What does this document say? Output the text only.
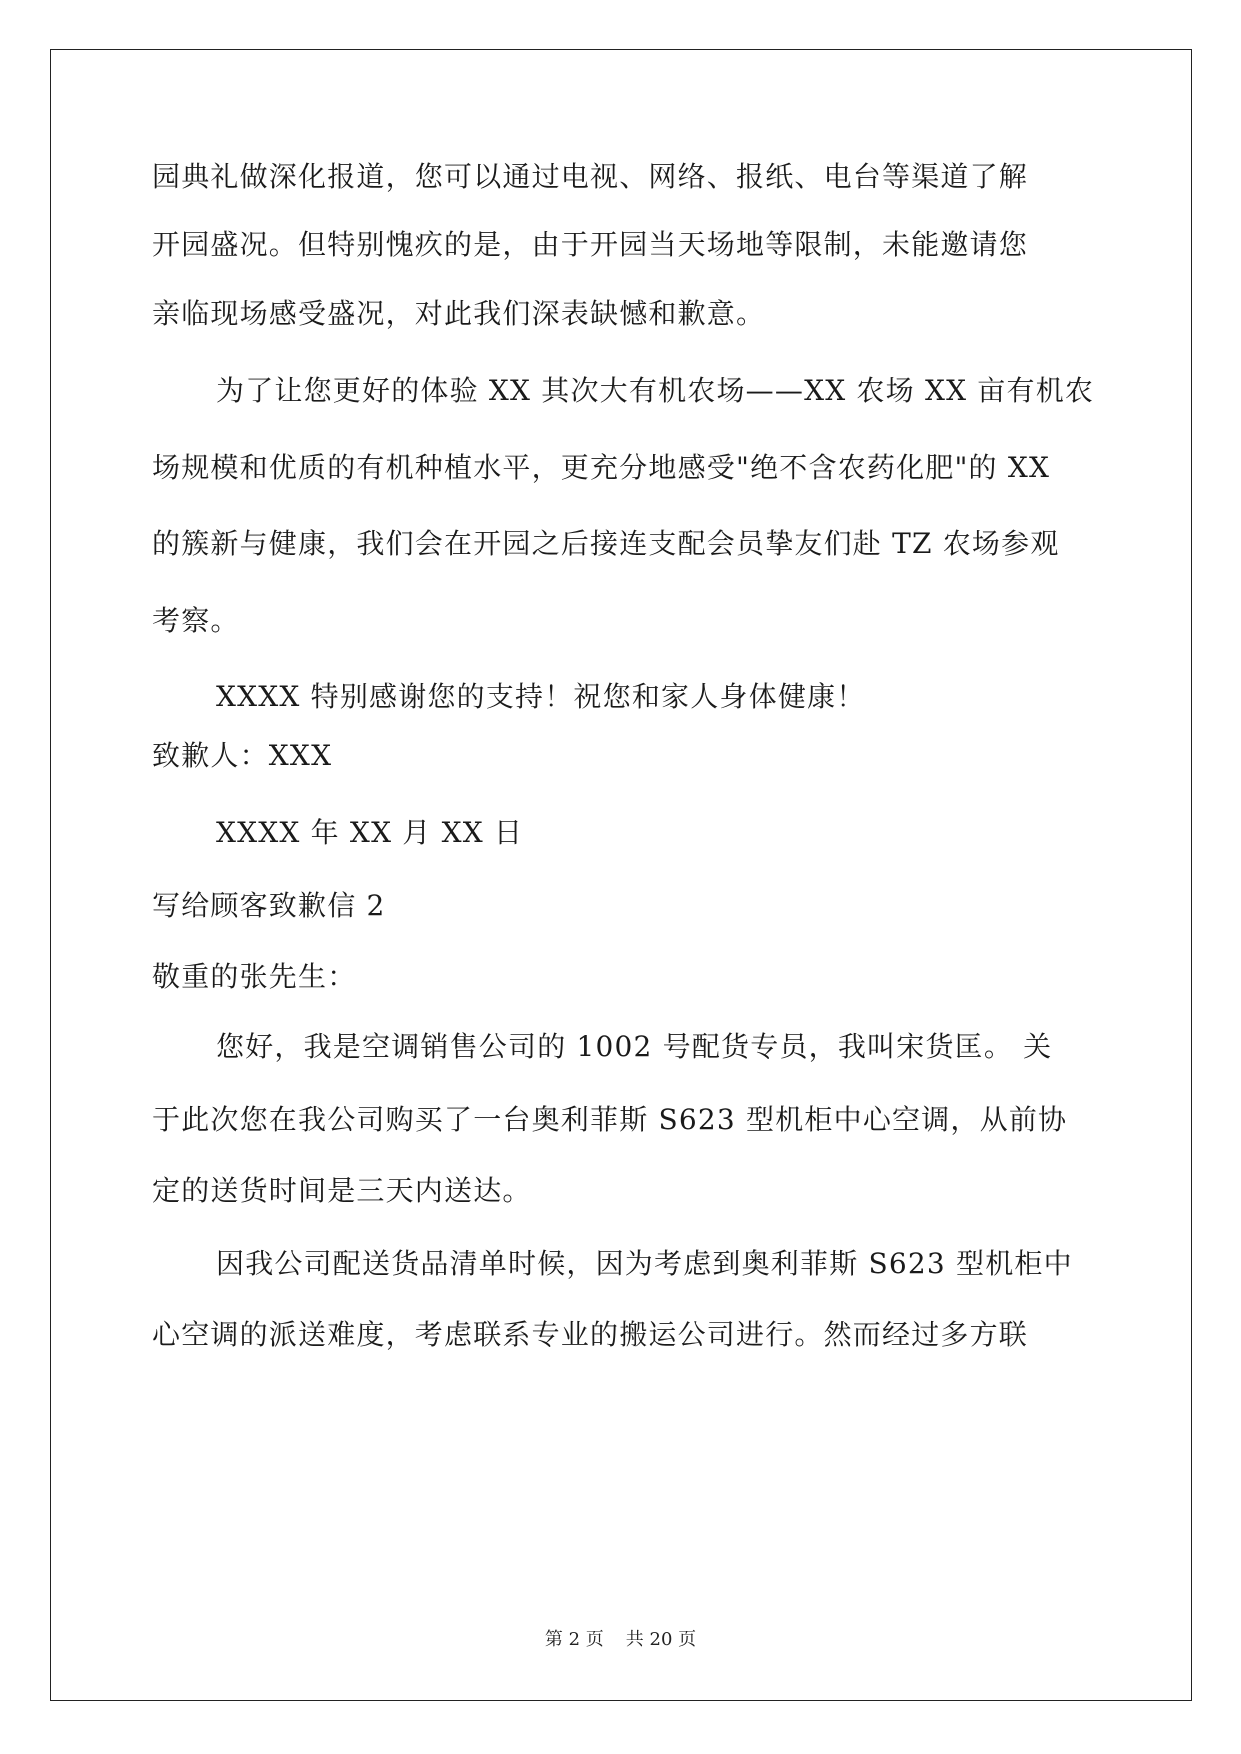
园典礼做深化报道，您可以通过电视、网络、报纸、电台等渠道了解
开园盛况。但特别愧疚的是，由于开园当天场地等限制，未能邀请您
亲临现场感受盛况，对此我们深表缺憾和歉意。
为了让您更好的体验 XX 其次大有机农场——XX 农场 XX 亩有机农
场规模和优质的有机种植水平，更充分地感受"绝不含农药化肥"的 XX
的簇新与健康，我们会在开园之后接连支配会员挚友们赴 TZ 农场参观
考察。
XXXX 特别感谢您的支持！祝您和家人身体健康！
致歉人：XXX
XXXX 年 XX 月 XX 日
写给顾客致歉信 2
敬重的张先生：
您好，我是空调销售公司的 1002 号配货专员，我叫宋货匡。 关
于此次您在我公司购买了一台奥利菲斯 S623 型机柜中心空调，从前协
定的送货时间是三天内送达。
因我公司配送货品清单时候，因为考虑到奥利菲斯 S623 型机柜中
心空调的派送难度，考虑联系专业的搬运公司进行。然而经过多方联
第 2 页 共 20 页
